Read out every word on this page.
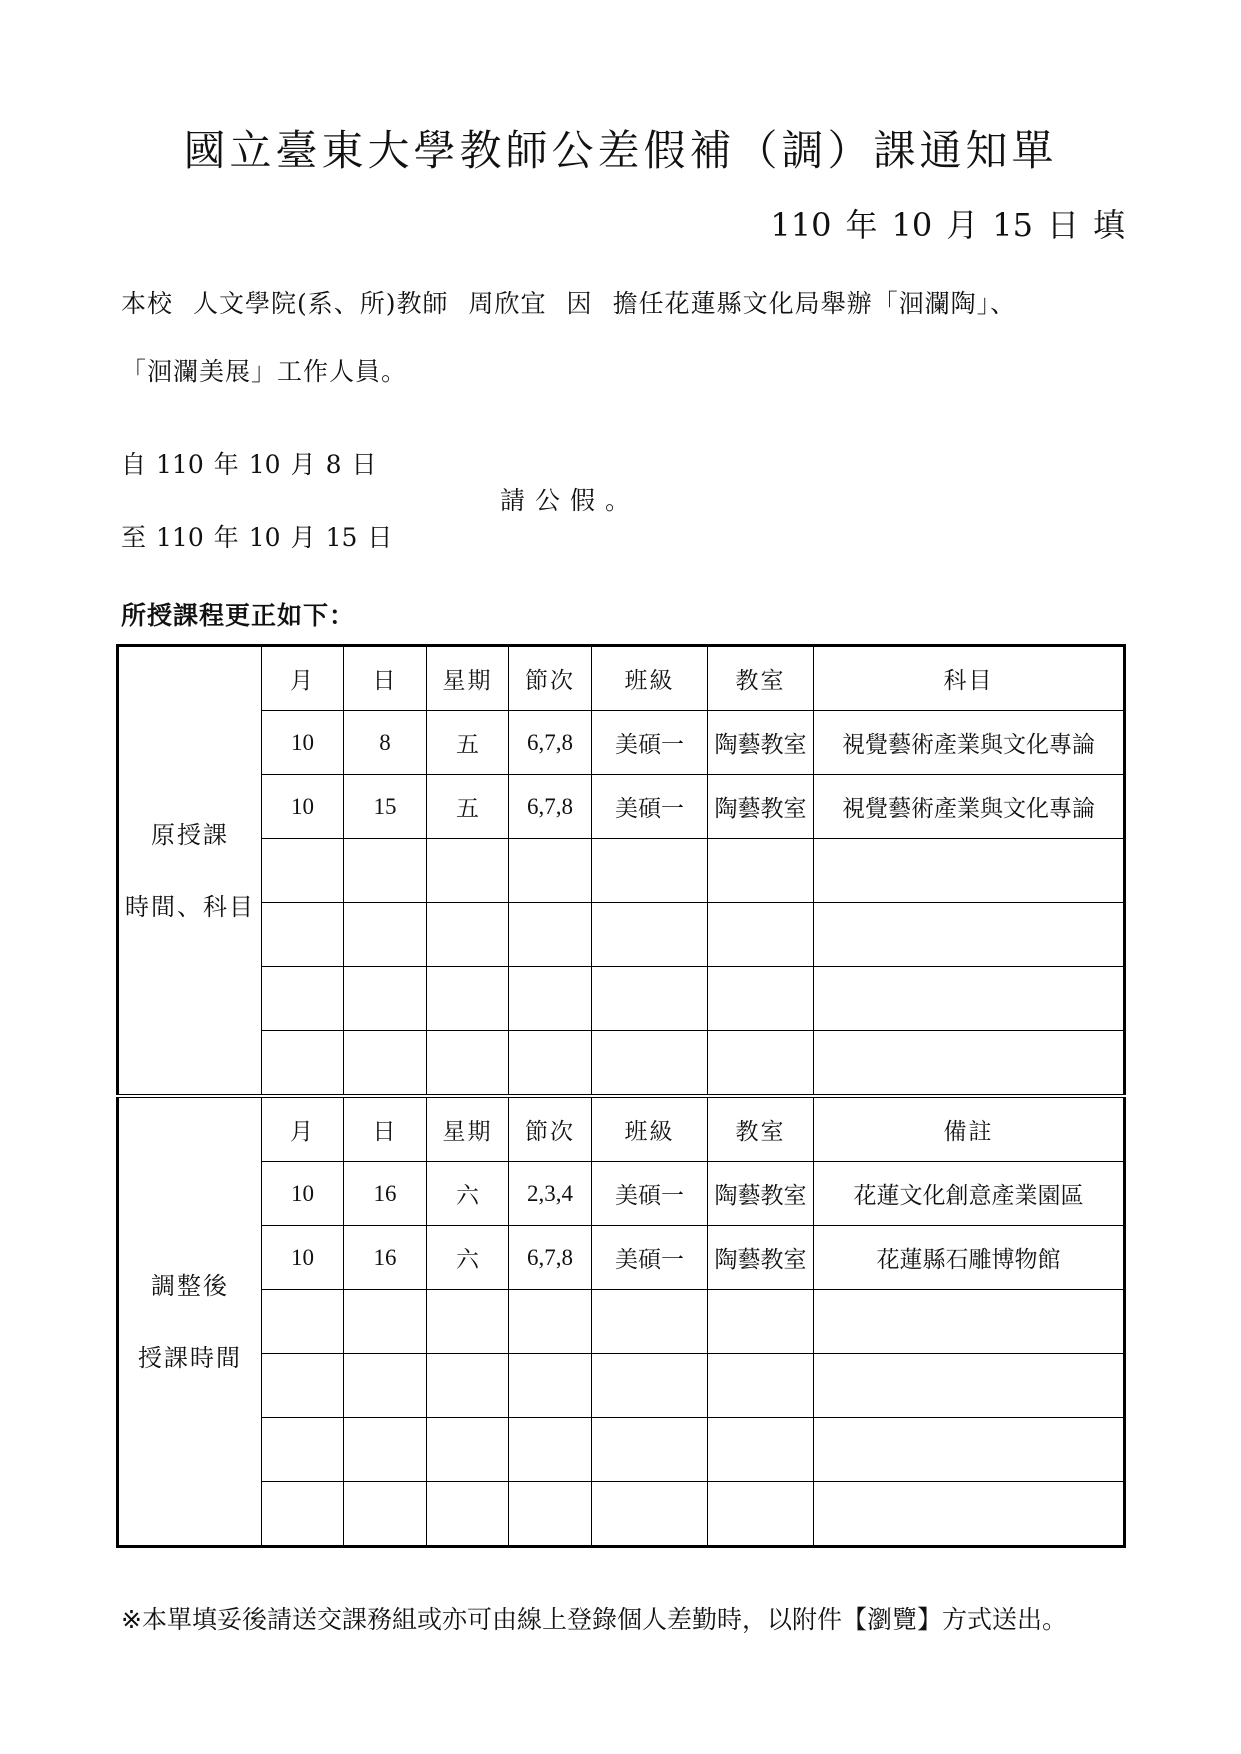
國立臺東大學教師公差假補（調）課通知單
110 年 10 月 15 日 填
本校 人文學院(系、所)教師 周欣宜 因 擔任花蓮縣文化局舉辦「洄瀾陶」、
「洄瀾美展」工作人員。
自 110 年 10 月 8 日
請公假。
至 110 年 10 月 15 日
所授課程更正如下：
原授課
時間、科目	月	日	星期	節次	班級	教室	科目
	10	8	五	6,7,8	美碩一	陶藝教室	視覺藝術產業與文化專論
	10	15	五	6,7,8	美碩一	陶藝教室	視覺藝術產業與文化專論

調整後
授課時間	月	日	星期	節次	班級	教室	備註
	10	16	六	2,3,4	美碩一	陶藝教室	花蓮文化創意產業園區
	10	16	六	6,7,8	美碩一	陶藝教室	花蓮縣石雕博物館

※本單填妥後請送交課務組或亦可由線上登錄個人差勤時，以附件【瀏覽】方式送出。
